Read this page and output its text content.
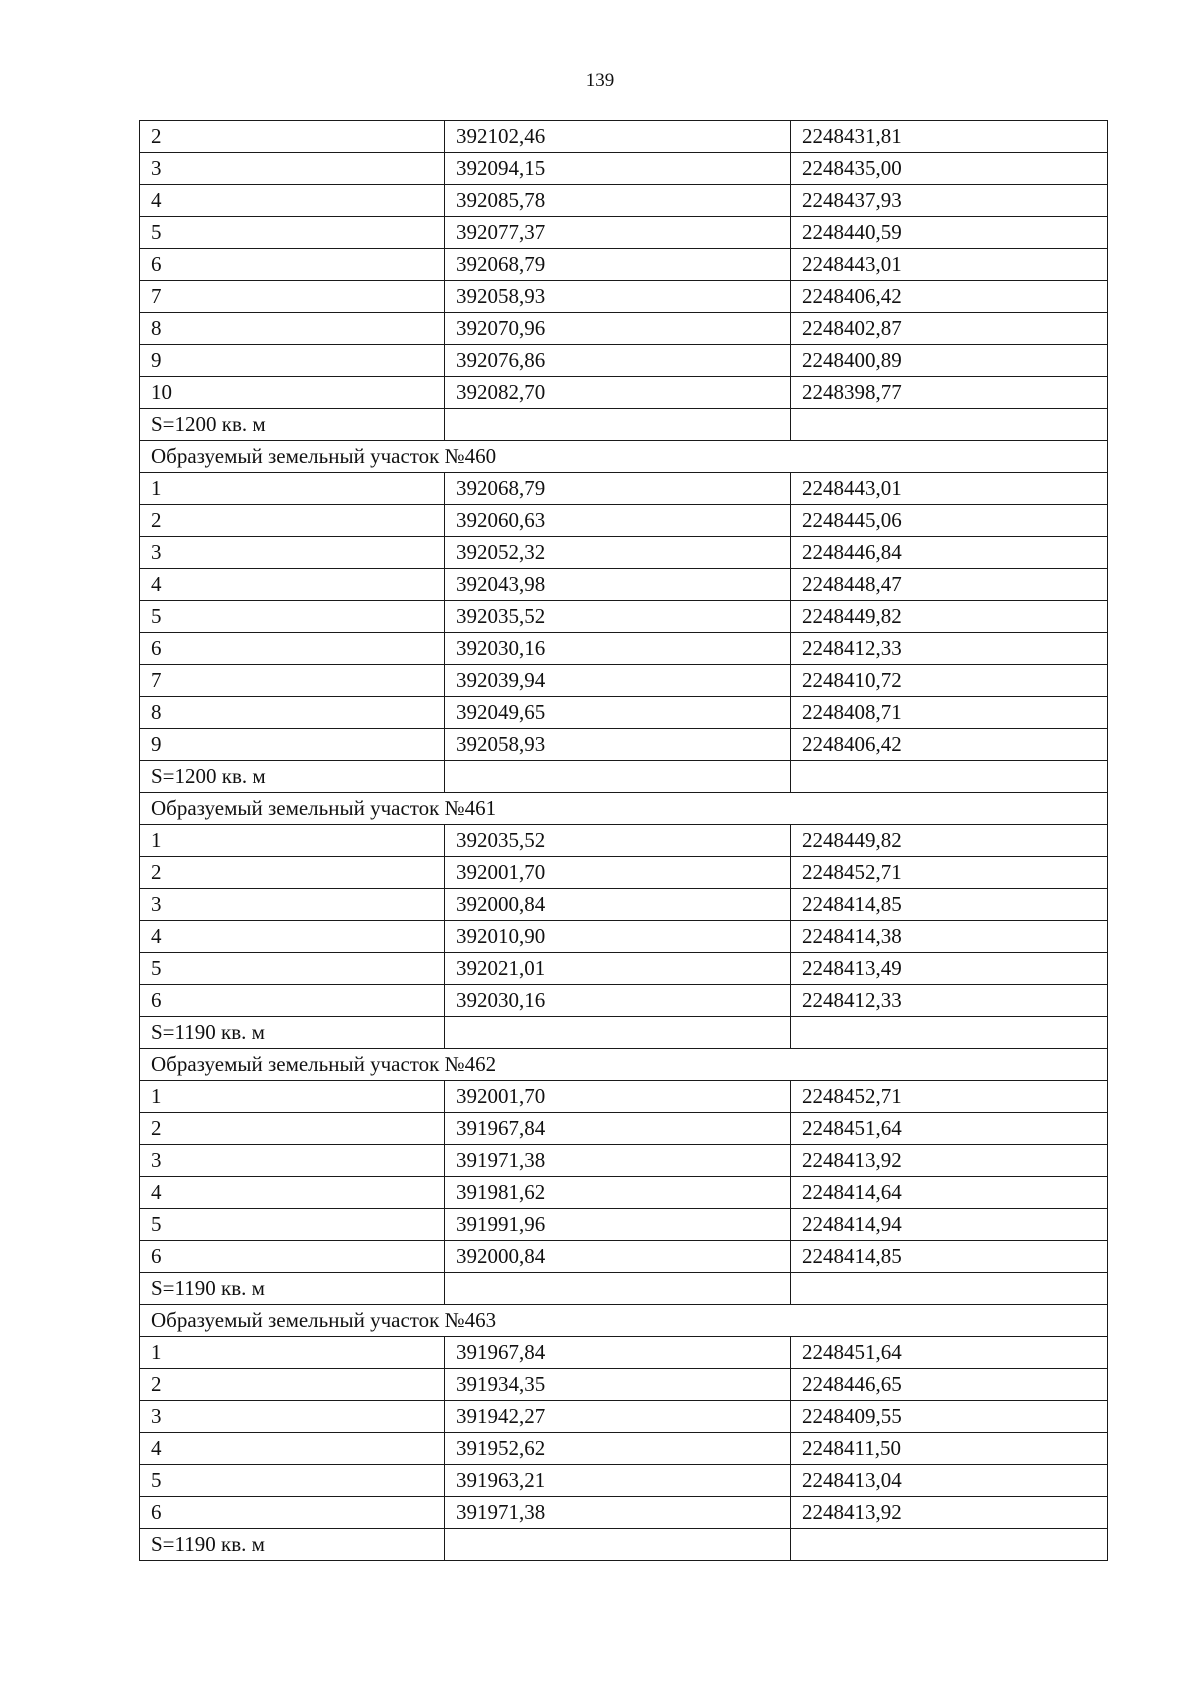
139
2	392102,46	2248431,81
3	392094,15	2248435,00
4	392085,78	2248437,93
5	392077,37	2248440,59
6	392068,79	2248443,01
7	392058,93	2248406,42
8	392070,96	2248402,87
9	392076,86	2248400,89
10	392082,70	2248398,77
S=1200 кв. м		
Образуемый земельный участок №460		
1	392068,79	2248443,01
2	392060,63	2248445,06
3	392052,32	2248446,84
4	392043,98	2248448,47
5	392035,52	2248449,82
6	392030,16	2248412,33
7	392039,94	2248410,72
8	392049,65	2248408,71
9	392058,93	2248406,42
S=1200 кв. м		
Образуемый земельный участок №461		
1	392035,52	2248449,82
2	392001,70	2248452,71
3	392000,84	2248414,85
4	392010,90	2248414,38
5	392021,01	2248413,49
6	392030,16	2248412,33
S=1190 кв. м		
Образуемый земельный участок №462		
1	392001,70	2248452,71
2	391967,84	2248451,64
3	391971,38	2248413,92
4	391981,62	2248414,64
5	391991,96	2248414,94
6	392000,84	2248414,85
S=1190 кв. м		
Образуемый земельный участок №463		
1	391967,84	2248451,64
2	391934,35	2248446,65
3	391942,27	2248409,55
4	391952,62	2248411,50
5	391963,21	2248413,04
6	391971,38	2248413,92
S=1190 кв. м		
